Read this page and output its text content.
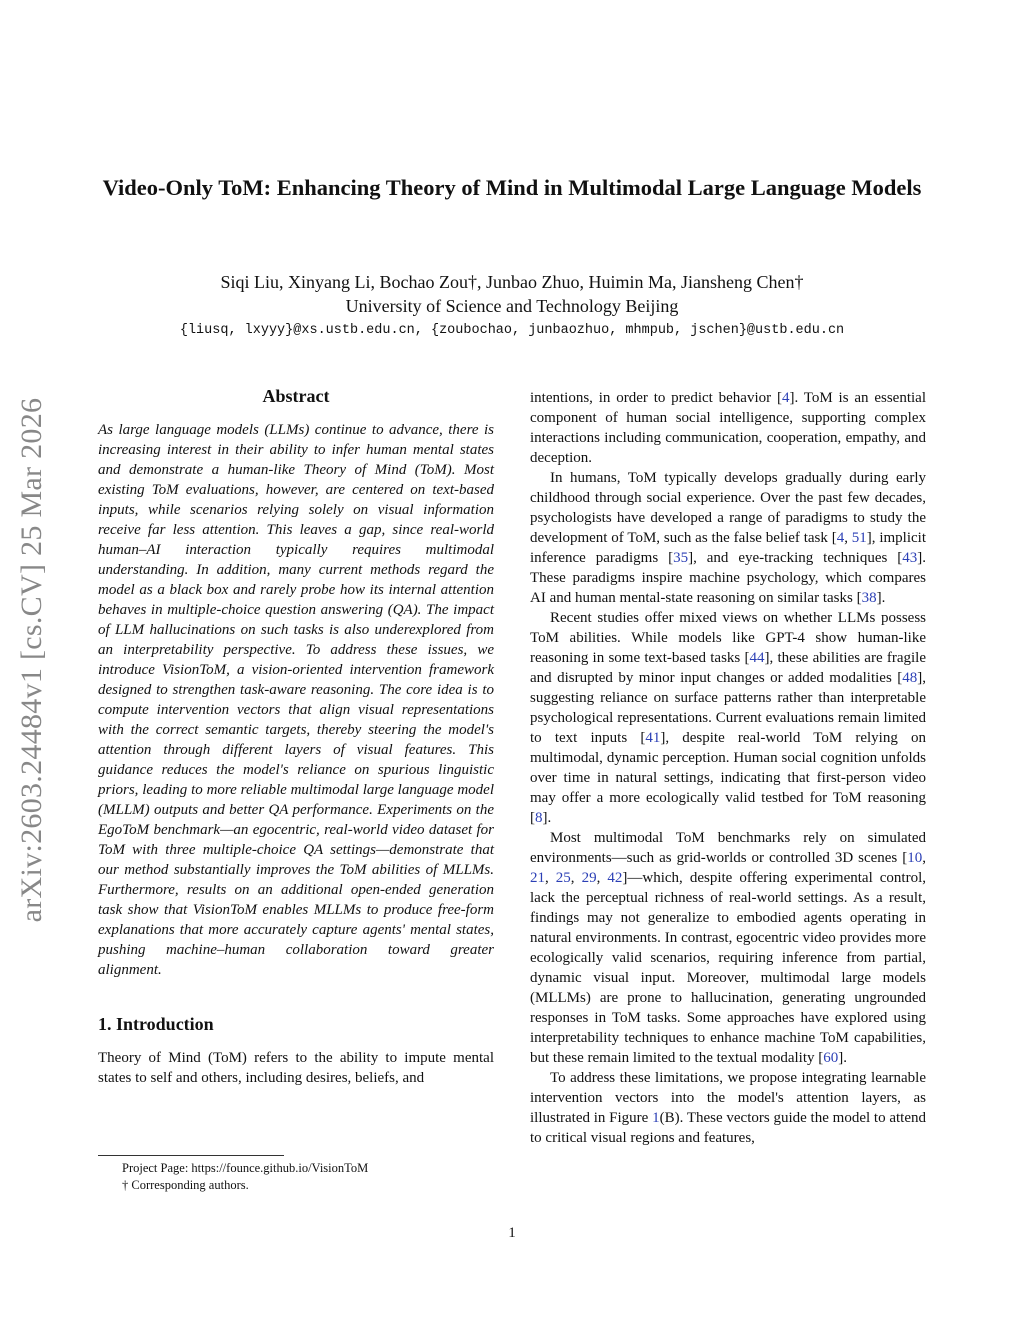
Video-Only ToM: Enhancing Theory of Mind in Multimodal Large Language Models
Siqi Liu, Xinyang Li, Bochao Zou†, Junbao Zhuo, Huimin Ma, Jiansheng Chen†
University of Science and Technology Beijing
{liusq, lxyyy}@xs.ustb.edu.cn, {zoubochao, junbaozhuo, mhmpub, jschen}@ustb.edu.cn
arXiv:2603.24484v1 [cs.CV] 25 Mar 2026
Abstract

As large language models (LLMs) continue to advance, there is increasing interest in their ability to infer human mental states and demonstrate a human-like Theory of Mind (ToM). Most existing ToM evaluations, however, are centered on text-based inputs, while scenarios relying solely on visual information receive far less attention. This leaves a gap, since real-world human–AI interaction typically requires multimodal understanding. In addition, many current methods regard the model as a black box and rarely probe how its internal attention behaves in multiple-choice question answering (QA). The impact of LLM hallucinations on such tasks is also underexplored from an interpretability perspective. To address these issues, we introduce VisionToM, a vision-oriented intervention framework designed to strengthen task-aware reasoning. The core idea is to compute intervention vectors that align visual representations with the correct semantic targets, thereby steering the model's attention through different layers of visual features. This guidance reduces the model's reliance on spurious linguistic priors, leading to more reliable multimodal large language model (MLLM) outputs and better QA performance. Experiments on the EgoToM benchmark—an egocentric, real-world video dataset for ToM with three multiple-choice QA settings—demonstrate that our method substantially improves the ToM abilities of MLLMs. Furthermore, results on an additional open-ended generation task show that VisionToM enables MLLMs to produce free-form explanations that more accurately capture agents' mental states, pushing machine–human collaboration toward greater alignment.

1. Introduction

Theory of Mind (ToM) refers to the ability to impute mental states to self and others, including desires, beliefs, and

intentions, in order to predict behavior [4]. ToM is an essential component of human social intelligence, supporting complex interactions including communication, cooperation, empathy, and deception.

In humans, ToM typically develops gradually during early childhood through social experience. Over the past few decades, psychologists have developed a range of paradigms to study the development of ToM, such as the false belief task [4, 51], implicit inference paradigms [35], and eye-tracking techniques [43]. These paradigms inspire machine psychology, which compares AI and human mental-state reasoning on similar tasks [38].

Recent studies offer mixed views on whether LLMs possess ToM abilities. While models like GPT-4 show human-like reasoning in some text-based tasks [44], these abilities are fragile and disrupted by minor input changes or added modalities [48], suggesting reliance on surface patterns rather than interpretable psychological representations. Current evaluations remain limited to text inputs [41], despite real-world ToM relying on multimodal, dynamic perception. Human social cognition unfolds over time in natural settings, indicating that first-person video may offer a more ecologically valid testbed for ToM reasoning [8].

Most multimodal ToM benchmarks rely on simulated environments—such as grid-worlds or controlled 3D scenes [10, 21, 25, 29, 42]—which, despite offering experimental control, lack the perceptual richness of real-world settings. As a result, findings may not generalize to embodied agents operating in natural environments. In contrast, egocentric video provides more ecologically valid scenarios, requiring inference from partial, dynamic visual input. Moreover, multimodal large models (MLLMs) are prone to hallucination, generating ungrounded responses in ToM tasks. Some approaches have explored using interpretability techniques to enhance machine ToM capabilities, but these remain limited to the textual modality [60].

To address these limitations, we propose integrating learnable intervention vectors into the model's attention layers, as illustrated in Figure 1(B). These vectors guide the model to attend to critical visual regions and features,

Project Page: https://founce.github.io/VisionToM
† Corresponding authors.
1
